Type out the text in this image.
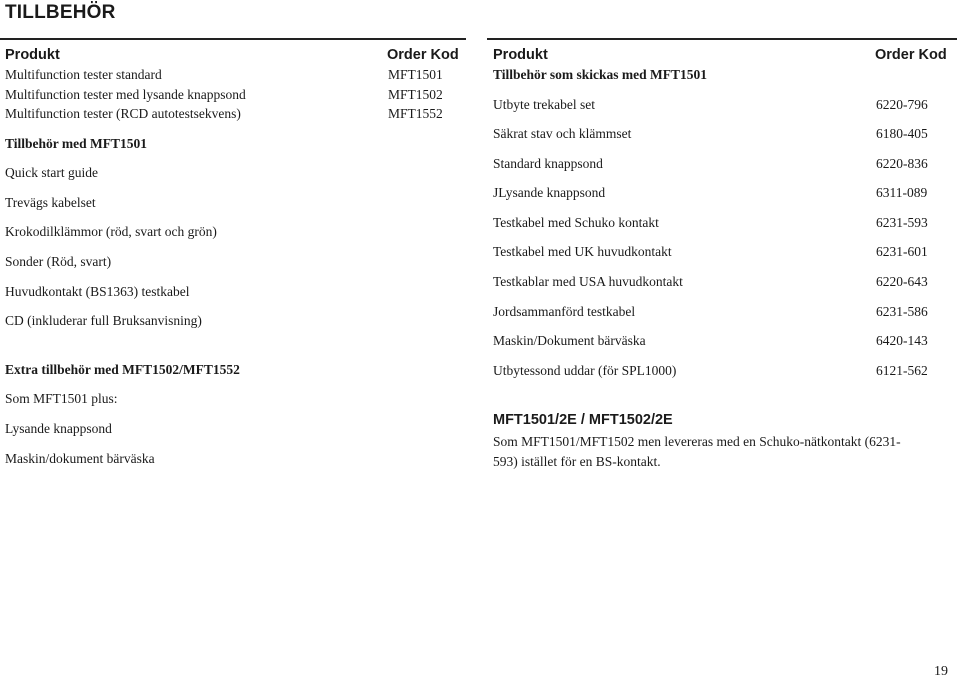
TILLBEHÖR
Produkt	Order Kod
Multifunction tester standard	MFT1501
Multifunction tester med lysande knappsond	MFT1502
Multifunction tester (RCD autotestsekvens)	MFT1552
Tillbehör med MFT1501
Quick start guide
Trevägs kabelset
Krokodilklämmor (röd, svart och grön)
Sonder (Röd, svart)
Huvudkontakt (BS1363) testkabel
CD (inkluderar full Bruksanvisning)
Extra tillbehör med MFT1502/MFT1552
Som MFT1501 plus:
Lysande knappsond
Maskin/dokument bärväska
Produkt	Order Kod
Tillbehör som skickas med MFT1501
Utbyte trekabel set	6220-796
Säkrat stav och klämmset	6180-405
Standard knappsond	6220-836
JLysande knappsond	6311-089
Testkabel med Schuko kontakt	6231-593
Testkabel med UK huvudkontakt	6231-601
Testkablar med USA huvudkontakt	6220-643
Jordsammanförd testkabel	6231-586
Maskin/Dokument bärväska	6420-143
Utbytessond uddar (för SPL1000)	6121-562
MFT1501/2E / MFT1502/2E
Som MFT1501/MFT1502 men levereras med en Schuko-nätkontakt (6231-
593) istället för en BS-kontakt.
19
